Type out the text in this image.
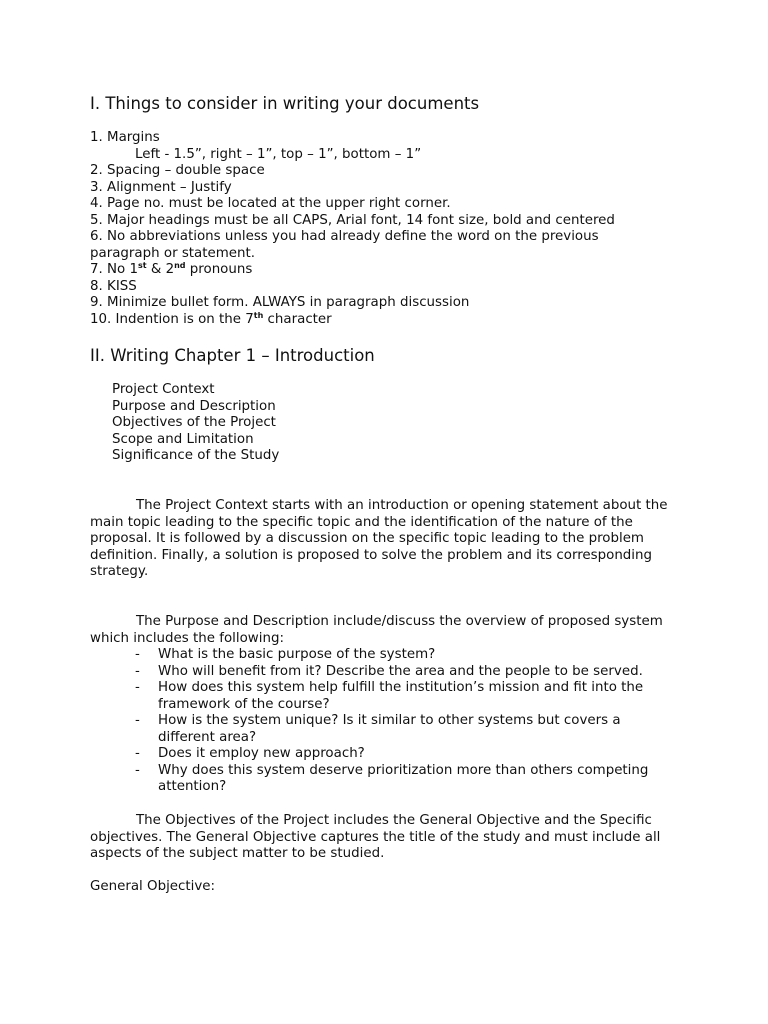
I. Things to consider in writing your documents
1. Margins
Left - 1.5”, right – 1”, top – 1”, bottom – 1”
2. Spacing – double space
3. Alignment – Justify
4. Page no. must be located at the upper right corner.
5. Major headings must be all CAPS, Arial font, 14 font size, bold and centered
6. No abbreviations unless you had already define the word on the previous
paragraph or statement.
7. No 1st & 2nd pronouns
8. KISS
9. Minimize bullet form. ALWAYS in paragraph discussion
10. Indention is on the 7th character
II. Writing Chapter 1 – Introduction
Project Context
Purpose and Description
Objectives of the Project
Scope and Limitation
Significance of the Study

The Project Context starts with an introduction or opening statement about the main topic leading to the specific topic and the identification of the nature of the proposal. It is followed by a discussion on the specific topic leading to the problem definition. Finally, a solution is proposed to solve the problem and its corresponding strategy.

The Purpose and Description include/discuss the overview of proposed system which includes the following:

- What is the basic purpose of the system?
- Who will benefit from it? Describe the area and the people to be served.
- How does this system help fulfill the institution’s mission and fit into the framework of the course?
- How is the system unique? Is it similar to other systems but covers a different area?
- Does it employ new approach?
- Why does this system deserve prioritization more than others competing attention?

The Objectives of the Project includes the General Objective and the Specific objectives. The General Objective captures the title of the study and must include all aspects of the subject matter to be studied.

General Objective:
